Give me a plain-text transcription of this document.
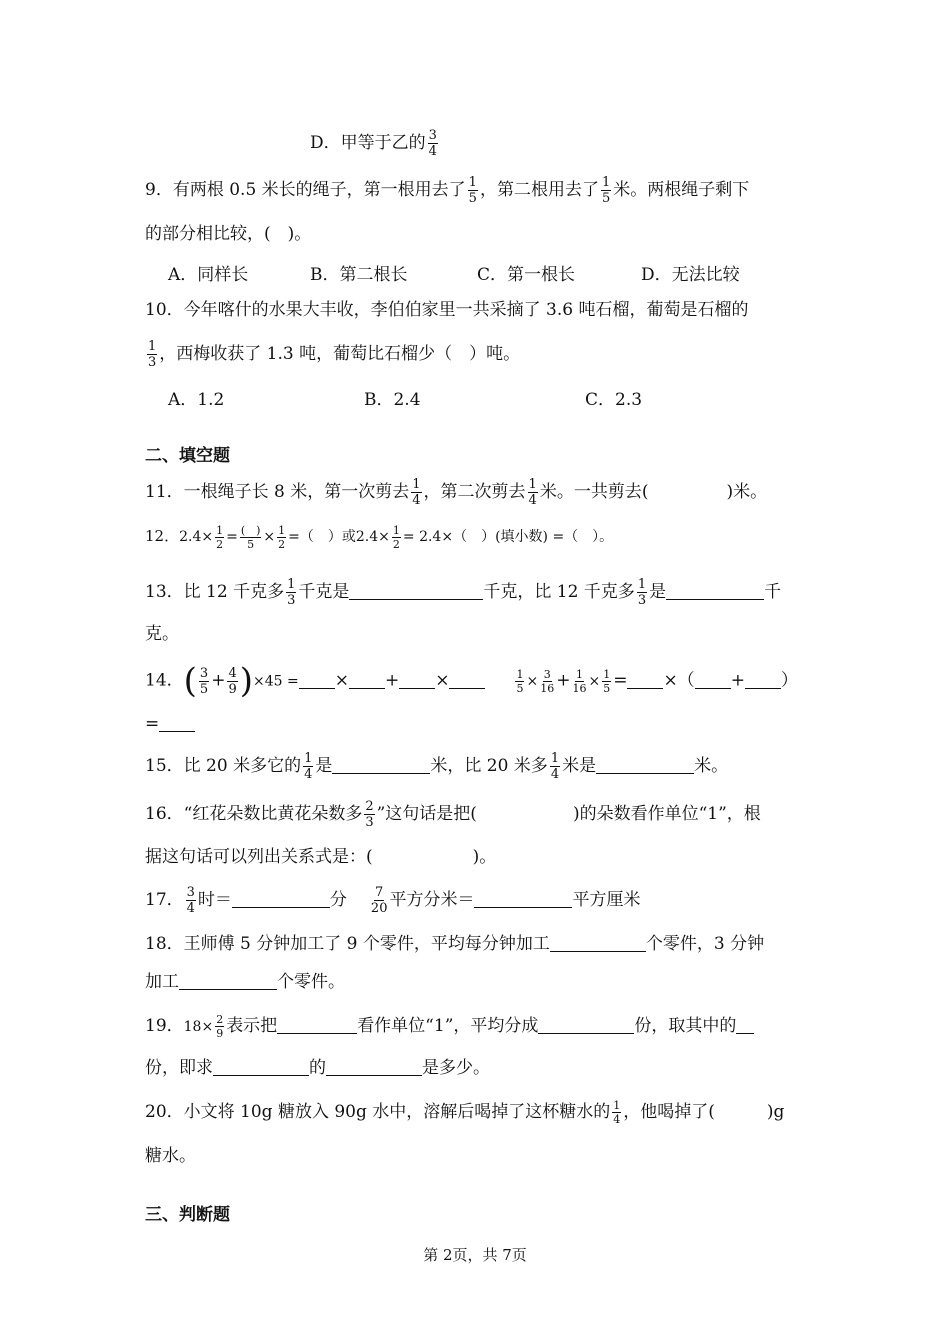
D．甲等于乙的 $\frac{3}{4}$
9．有两根 0.5 米长的绳子，第一根用去了 $\frac{1}{5}$ ，第二根用去了 $\frac{1}{5}$ 米。两根绳子剩下
的部分相比较，(　)。
A．同样长	B．第二根长	C．第一根长	D．无法比较
10．今年喀什的水果大丰收，李伯伯家里一共采摘了 3.6 吨石榴，葡萄是石榴的
$\frac{1}{3}$ ，西梅收获了 1.3 吨，葡萄比石榴少（　）吨。
A．1.2	B．2.4	C．2.3
二、填空题
11．一根绳子长 8 米，第一次剪去 $\frac{1}{4}$ ，第二次剪去 $\frac{1}{4}$ 米。一共剪去(	)米。
12．$2.4\times \frac{1}{2}$ = (　)
$5 \times \frac{1}{2}$ =（　）或$2.4\times \frac{1}{2} = 2.4\times$（　）(填小数) =（　）。
13．比 12 千克多 $\frac{1}{3}$ 千克是	千克，比 12 千克多 $\frac{1}{3}$ 是	千
克。
14．( $\frac{3}{5} + \frac{4}{9} )\times 45$ = × + ×	$\frac{1}{5} \times \frac{3}{16} + \frac{1}{16} \times \frac{1}{5}$ = ×（ + ）
=
15．比 20 米多它的 $\frac{1}{4}$ 是	米，比 20 米多 $\frac{1}{4}$ 米是	米。
16．“红花朵数比黄花朵数多 $\frac{2}{3}$ ”这句话是把(	)的朵数看作单位“1”，根
据这句话可以列出关系式是：(	)。
17． $\frac{3}{4}$ 时＝	分 $\frac{7}{20}$ 平方分米＝	平方厘米
18．王师傅 5 分钟加工了 9 个零件，平均每分钟加工	个零件，3 分钟
加工	个零件。
19．$18\times \frac{2}{9}$ 表示把	看作单位“1”，平均分成	份，取其中的
份，即求	的	是多少。
20．小文将 10g 糖放入 90g 水中，溶解后喝掉了这杯糖水的 $\frac{1}{4}$ ，他喝掉了(	)g
糖水。
三、判断题
第 2页，共 7页
